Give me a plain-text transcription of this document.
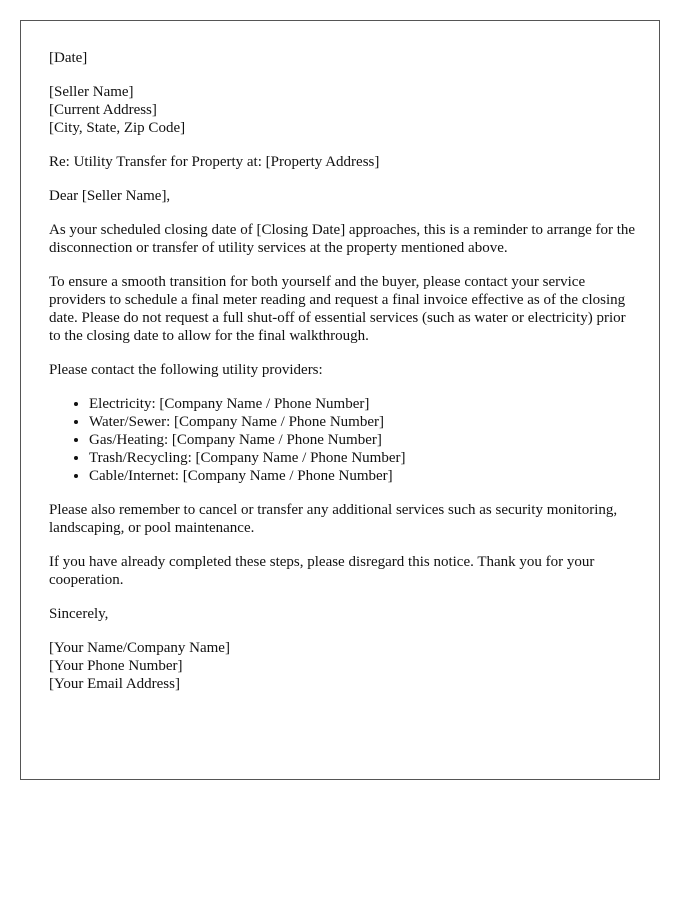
[Date]
[Seller Name]
[Current Address]
[City, State, Zip Code]

Re: Utility Transfer for Property at: [Property Address]

Dear [Seller Name],

As your scheduled closing date of [Closing Date] approaches, this is a reminder to arrange for the disconnection or transfer of utility services at the property mentioned above.

To ensure a smooth transition for both yourself and the buyer, please contact your service providers to schedule a final meter reading and request a final invoice effective as of the closing date. Please do not request a full shut-off of essential services (such as water or electricity) prior to the closing date to allow for the final walkthrough.

Please contact the following utility providers:

• Electricity: [Company Name / Phone Number]
• Water/Sewer: [Company Name / Phone Number]
• Gas/Heating: [Company Name / Phone Number]
• Trash/Recycling: [Company Name / Phone Number]
• Cable/Internet: [Company Name / Phone Number]

Please also remember to cancel or transfer any additional services such as security monitoring, landscaping, or pool maintenance.

If you have already completed these steps, please disregard this notice. Thank you for your cooperation.

Sincerely,

[Your Name/Company Name]
[Your Phone Number]
[Your Email Address]
